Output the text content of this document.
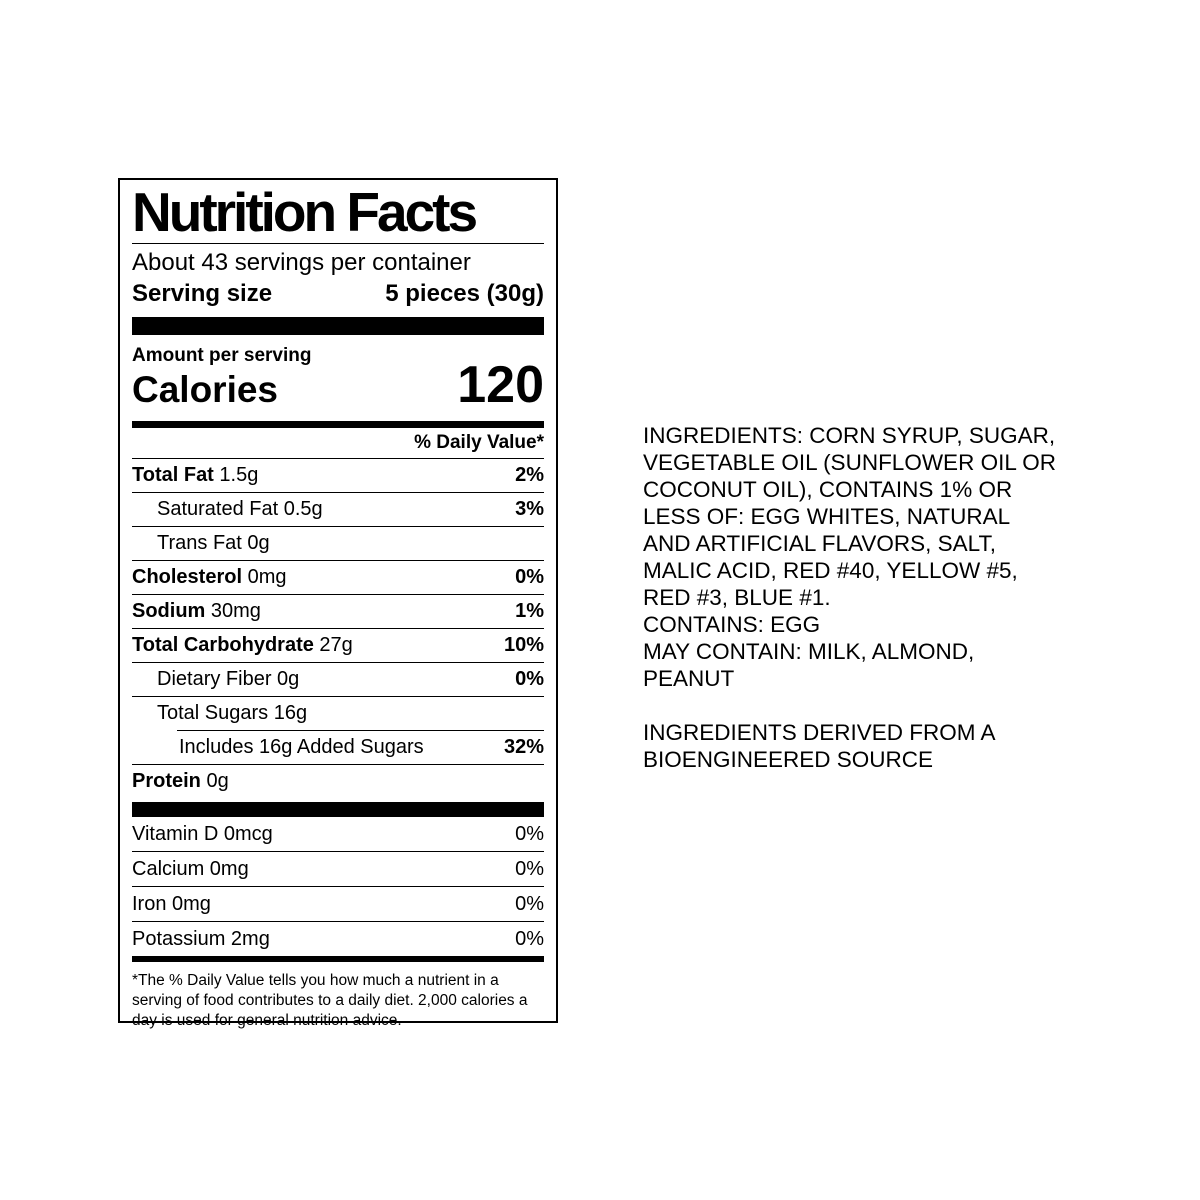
Nutrition Facts
About 43 servings per container
Serving size	5 pieces (30g)
Amount per serving
Calories	120
% Daily Value*
Total Fat 1.5g	2%
Saturated Fat 0.5g	3%
Trans Fat 0g
Cholesterol 0mg	0%
Sodium 30mg	1%
Total Carbohydrate 27g	10%
Dietary Fiber 0g	0%
Total Sugars 16g
Includes 16g Added Sugars	32%
Protein 0g
Vitamin D 0mcg	0%
Calcium 0mg	0%
Iron 0mg	0%
Potassium 2mg	0%

*The % Daily Value tells you how much a nutrient in a serving of food contributes to a daily diet. 2,000 calories a day is used for general nutrition advice.

INGREDIENTS: CORN SYRUP, SUGAR,
VEGETABLE OIL (SUNFLOWER OIL OR
COCONUT OIL), CONTAINS 1% OR
LESS OF: EGG WHITES, NATURAL
AND ARTIFICIAL FLAVORS, SALT,
MALIC ACID, RED #40, YELLOW #5,
RED #3, BLUE #1.
CONTAINS: EGG
MAY CONTAIN: MILK, ALMOND,
PEANUT
INGREDIENTS DERIVED FROM A
BIOENGINEERED SOURCE
